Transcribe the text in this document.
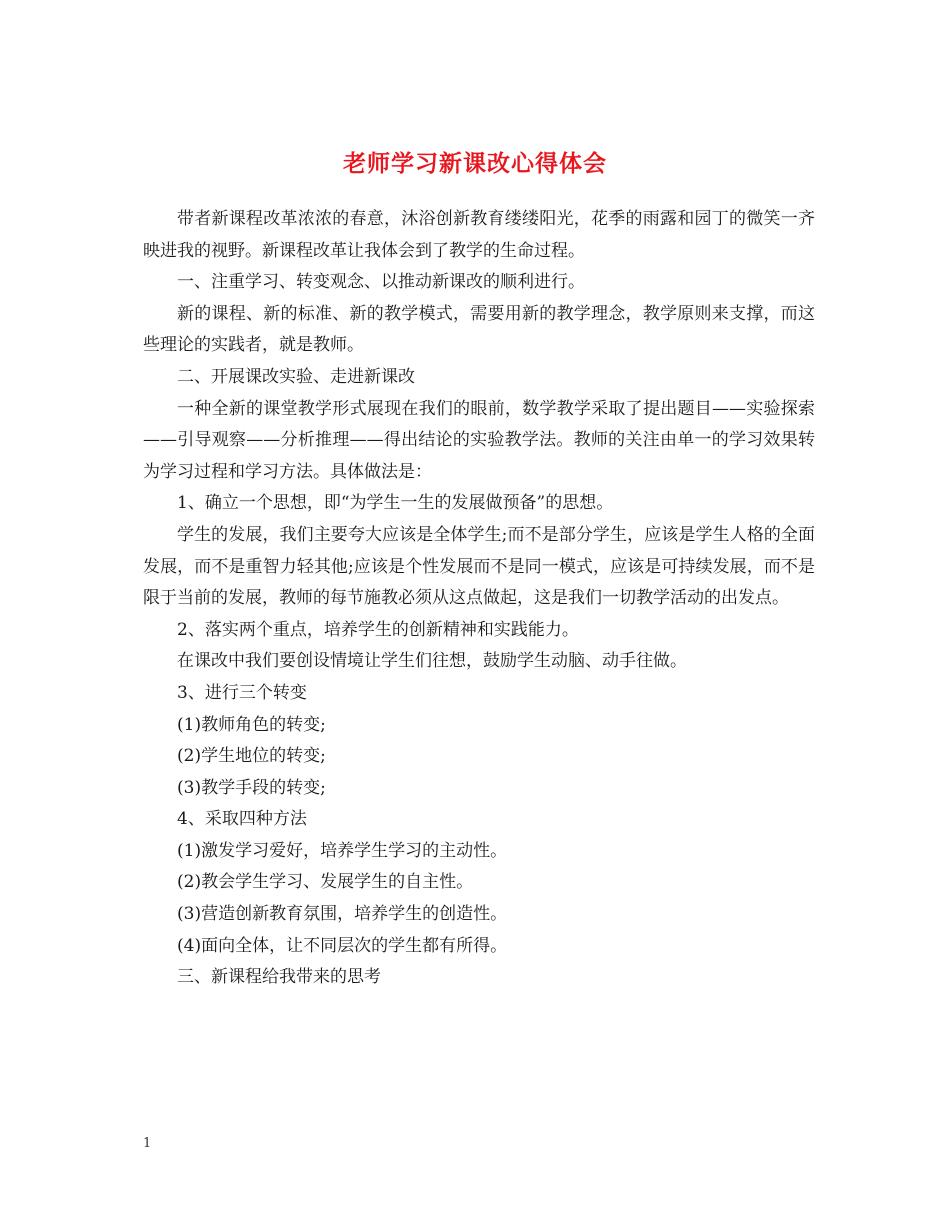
老师学习新课改心得体会

带者新课程改革浓浓的春意，沐浴创新教育缕缕阳光，花季的雨露和园丁的微笑一齐映进我的视野。新课程改革让我体会到了教学的生命过程。

一、注重学习、转变观念、以推动新课改的顺利进行。

新的课程、新的标准、新的教学模式，需要用新的教学理念，教学原则来支撑，而这些理论的实践者，就是教师。

二、开展课改实验、走进新课改

一种全新的课堂教学形式展现在我们的眼前，数学教学采取了提出题目——实验探索——引导观察——分析推理——得出结论的实验教学法。教师的关注由单一的学习效果转为学习过程和学习方法。具体做法是：

1、确立一个思想，即“为学生一生的发展做预备”的思想。

学生的发展，我们主要夸大应该是全体学生;而不是部分学生，应该是学生人格的全面发展，而不是重智力轻其他;应该是个性发展而不是同一模式，应该是可持续发展，而不是限于当前的发展，教师的每节施教必须从这点做起，这是我们一切教学活动的出发点。

2、落实两个重点，培养学生的创新精神和实践能力。

在课改中我们要创设情境让学生们往想，鼓励学生动脑、动手往做。

3、进行三个转变

(1)教师角色的转变;

(2)学生地位的转变;

(3)教学手段的转变;

4、采取四种方法

(1)激发学习爱好，培养学生学习的主动性。

(2)教会学生学习、发展学生的自主性。

(3)营造创新教育氛围，培养学生的创造性。

(4)面向全体，让不同层次的学生都有所得。

三、新课程给我带来的思考

1
